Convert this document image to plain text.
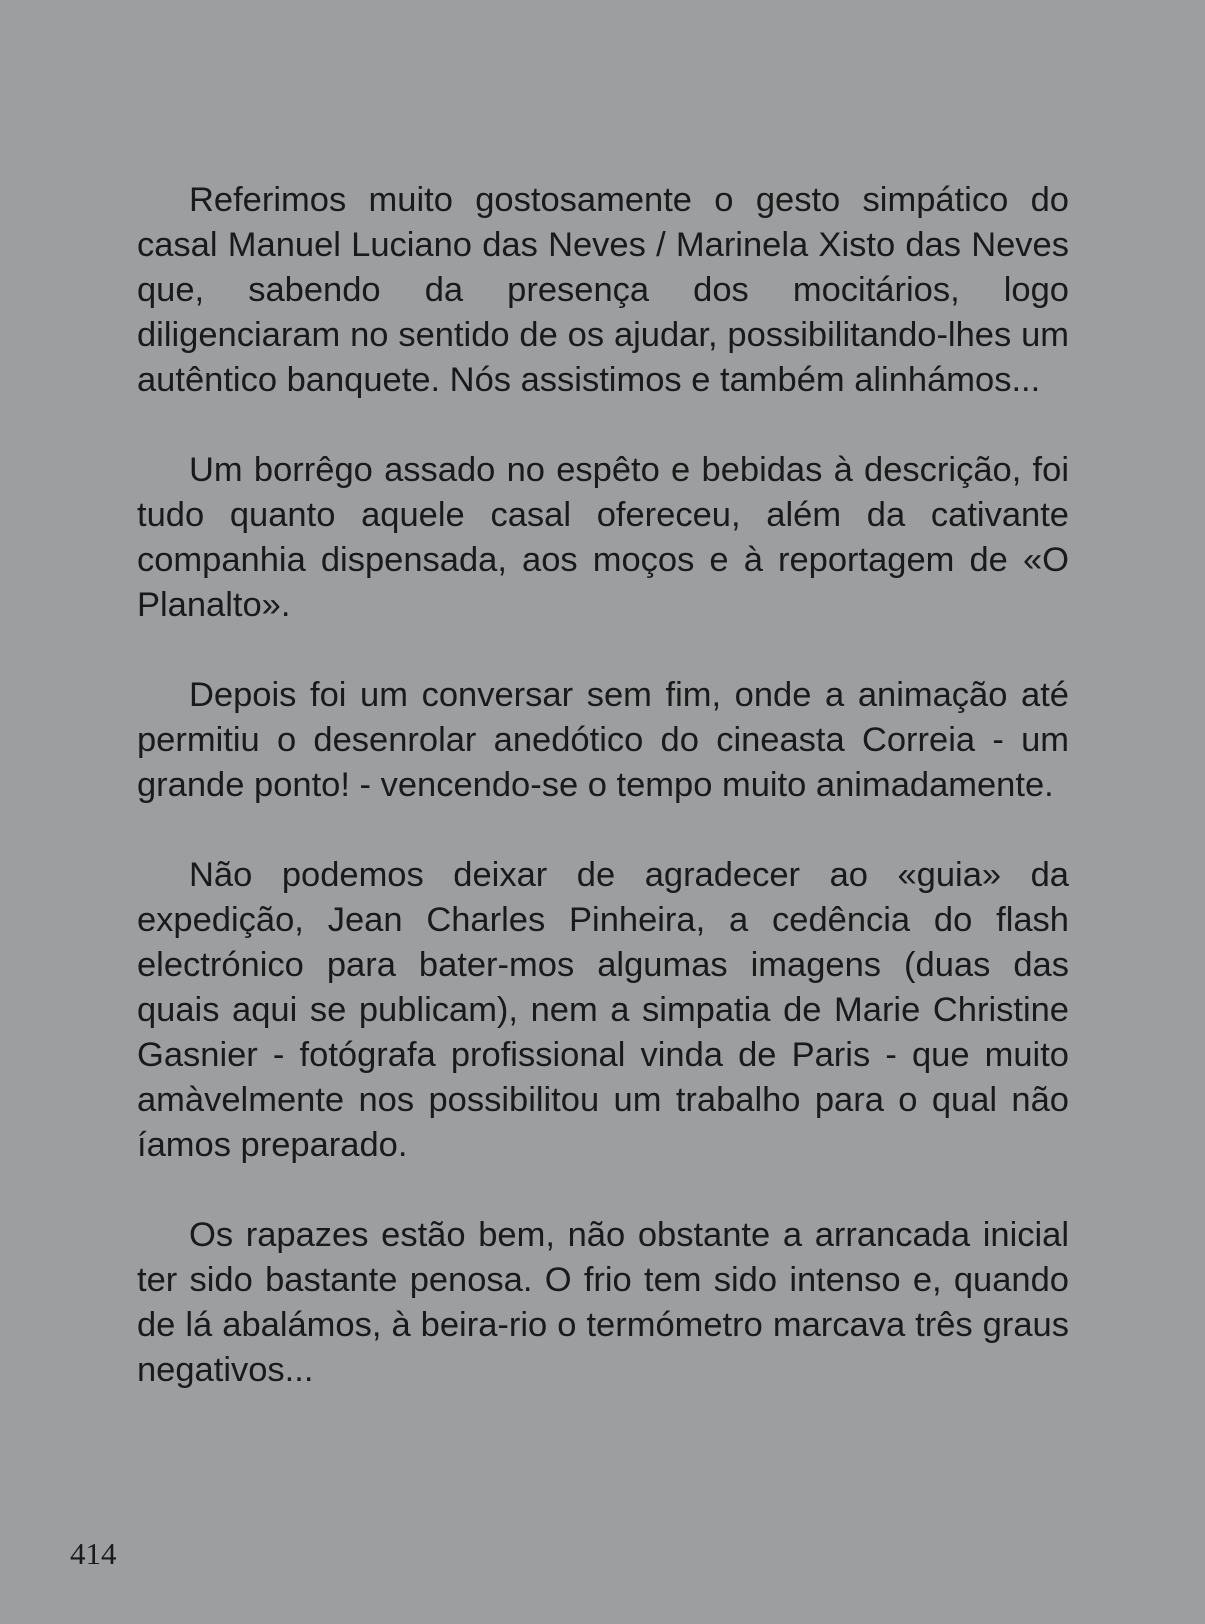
Referimos muito gostosamente o gesto simpático do casal Manuel Luciano das Neves / Marinela Xisto das Neves que, sabendo da presença dos mocitários, logo diligenciaram no sentido de os ajudar, possibilitando-lhes um autêntico banquete. Nós assistimos e também alinhámos...

Um borrêgo assado no espêto e bebidas à descrição, foi tudo quanto aquele casal ofereceu, além da cativante companhia dispensada, aos moços e à reportagem de «O Planalto».

Depois foi um conversar sem fim, onde a animação até permitiu o desenrolar anedótico do cineasta Correia - um grande ponto! - vencendo-se o tempo muito animadamente.

Não podemos deixar de agradecer ao «guia» da expedição, Jean Charles Pinheira, a cedência do flash electrónico para bater-mos algumas imagens (duas das quais aqui se publicam), nem a simpatia de Marie Christine Gasnier - fotógrafa profissional vinda de Paris - que muito amàvelmente nos possibilitou um trabalho para o qual não íamos preparado.

Os rapazes estão bem, não obstante a arrancada inicial ter sido bastante penosa. O frio tem sido intenso e, quando de lá abalámos, à beira-rio o termómetro marcava três graus negativos...

414
